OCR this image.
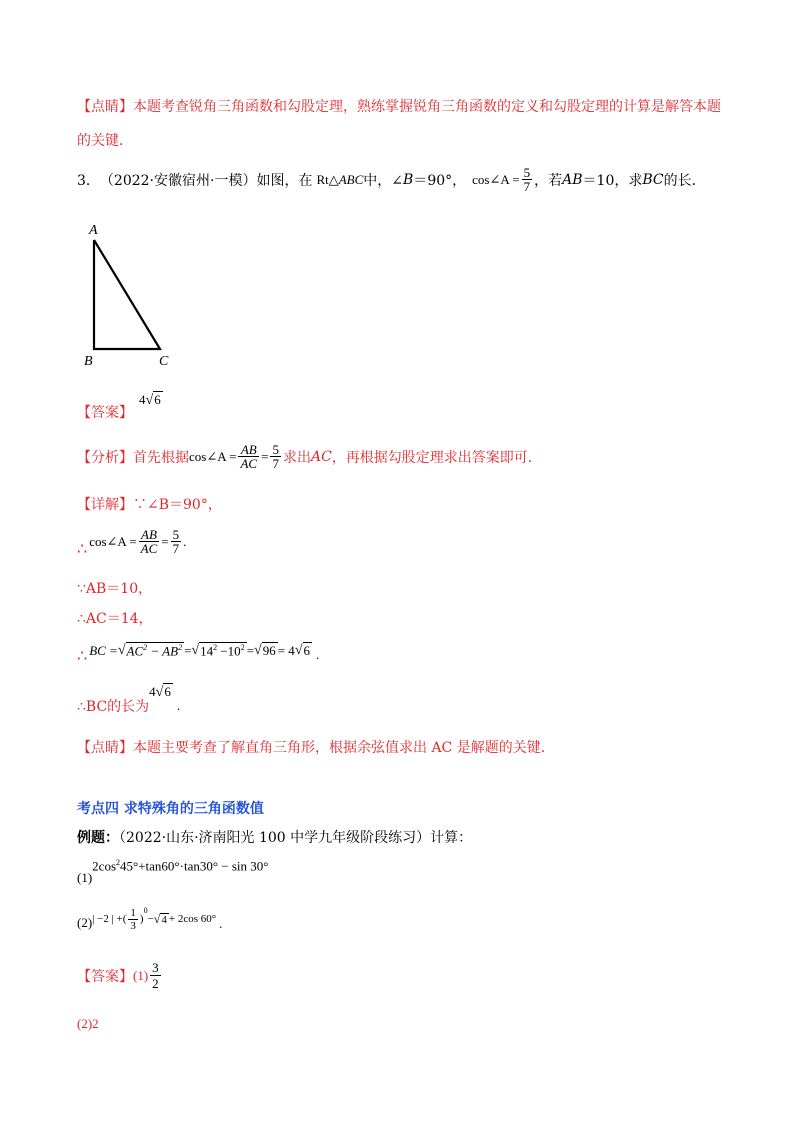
【点睛】本题考查锐角三角函数和勾股定理，熟练掌握锐角三角函数的定义和勾股定理的计算是解答本题
的关键．
3． （2022·安徽宿州·一模）如图，在 Rt△ ABC 中，∠ B ＝90°， cos∠A = $\frac{5}{7}$ ，若 AB ＝10，求 BC 的长．
A
B	C
【答案】
4√6
【分析】 首先根据 cos∠A = $\frac{AB}{AC} = \frac{5}{7}$ 求出 AC ，再根据勾股定理求出答案即可．
【详解】∵∠B＝90°，
∴ cos∠A = $\frac{AB}{AC} = \frac{5}{7}$ .
∵AB＝10，
∴AC＝14，
∴ BC = √ $AC^2 - AB^2$ = √ $14^2 -10^2$ = √ 96 = 4 √ 6 .
∴BC的长为
4√6
.
【点睛】本题主要考查了解直角三角形，根据余弦值求出 AC 是解题的关键．
考点四 求特殊角的三角函数值
例题：（2022·山东·济南阳光 100 中学九年级阶段练习）计算：
$(1)2\cos^245^\circ+\tan 60^\circ\cdot\tan 30^\circ - \sin 30^\circ$
(2) | −2 | +( $\frac{1}{3}$ )
0
− √ 4 + 2cos 60° .
【答案】 $(1) \frac{3}{2}$
(2)2
